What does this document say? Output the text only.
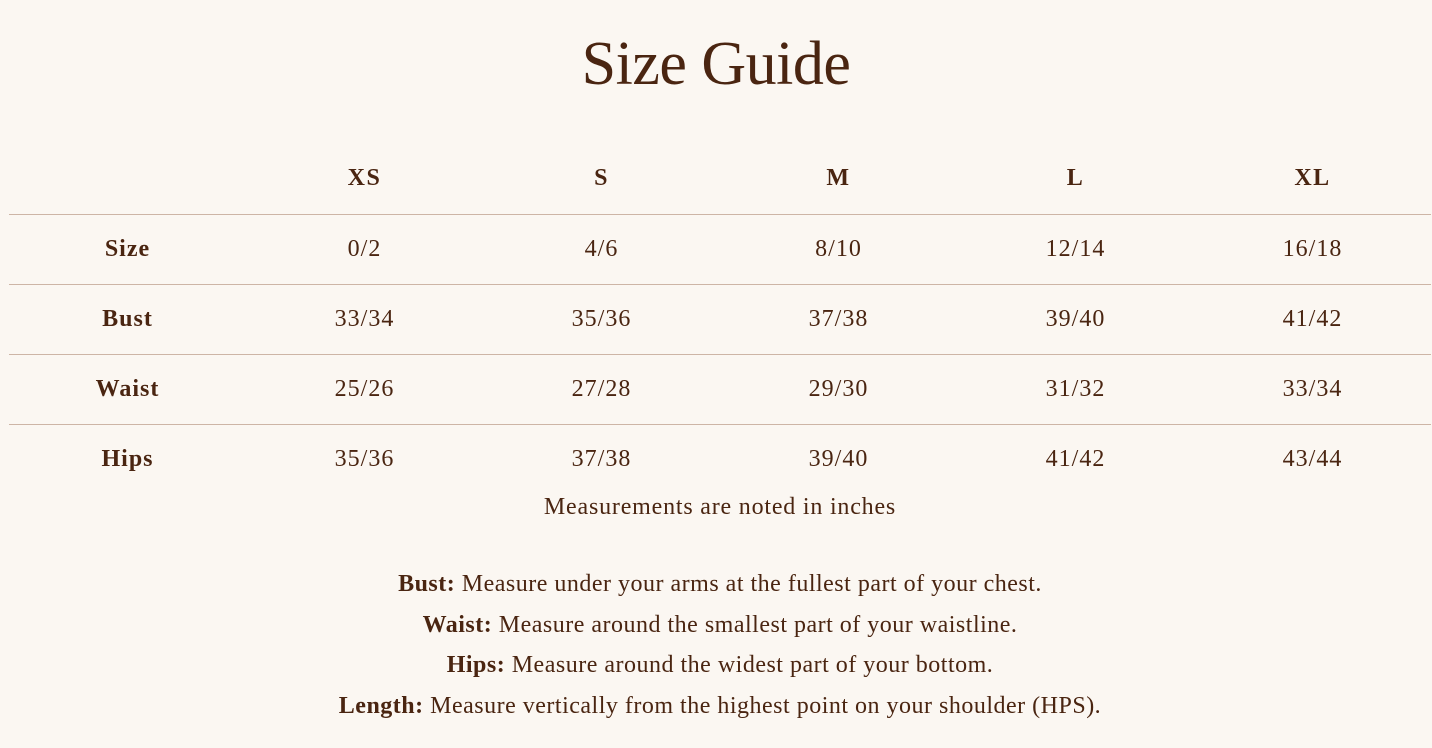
Size Guide
	XS	S	M	L	XL
Size	0/2	4/6	8/10	12/14	16/18
Bust	33/34	35/36	37/38	39/40	41/42
Waist	25/26	27/28	29/30	31/32	33/34
Hips	35/36	37/38	39/40	41/42	43/44
Measurements are noted in inches
Bust: Measure under your arms at the fullest part of your chest.
Waist: Measure around the smallest part of your waistline.
Hips: Measure around the widest part of your bottom.
Length: Measure vertically from the highest point on your shoulder (HPS).
